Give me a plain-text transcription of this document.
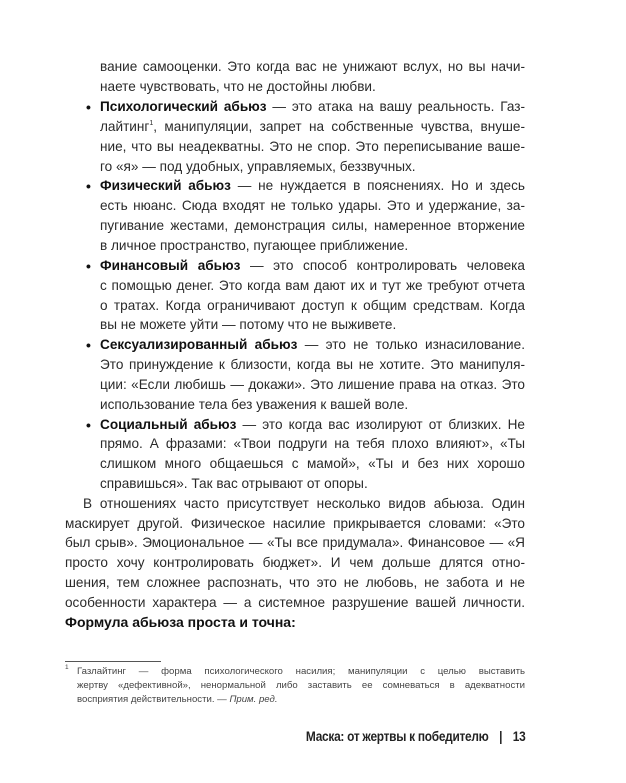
вание самооценки. Это когда вас не унижают вслух, но вы начи-
наете чувствовать, что не достойны любви.
• Психологический абьюз — это атака на вашу реальность. Газ-
лайтинг$^1$, манипуляции, запрет на собственные чувства, внуше-
ние, что вы неадекватны. Это не спор. Это переписывание ваше-
го «я» — под удобных, управляемых, беззвучных.
• Физический абьюз — не нуждается в пояснениях. Но и здесь
есть нюанс. Сюда входят не только удары. Это и удержание, за-
пугивание жестами, демонстрация силы, намеренное вторжение
в личное пространство, пугающее приближение.
• Финансовый абьюз — это способ контролировать человека
с помощью денег. Это когда вам дают их и тут же требуют отчета
о тратах. Когда ограничивают доступ к общим средствам. Когда
вы не можете уйти — потому что не выживете.
• Сексуализированный абьюз — это не только изнасилование.
Это принуждение к близости, когда вы не хотите. Это манипуля-
ции: «Если любишь — докажи». Это лишение права на отказ. Это
использование тела без уважения к вашей воле.
• Социальный абьюз — это когда вас изолируют от близких. Не
прямо. А фразами: «Твои подруги на тебя плохо влияют», «Ты
слишком много общаешься с мамой», «Ты и без них хорошо
справишься». Так вас отрывают от опоры.
В отношениях часто присутствует несколько видов абьюза. Один
маскирует другой. Физическое насилие прикрывается словами: «Это
был срыв». Эмоциональное — «Ты все придумала». Финансовое — «Я
просто хочу контролировать бюджет». И чем дольше длятся отно-
шения, тем сложнее распознать, что это не любовь, не забота и не
особенности характера — а системное разрушение вашей личности.
Формула абьюза проста и точна:
1 Газлайтинг — форма психологического насилия; манипуляции с целью выставить
жертву «дефективной», ненормальной либо заставить ее сомневаться в адекватности
восприятия действительности. — Прим. ред.
Маска: от жертвы к победителю | 13
